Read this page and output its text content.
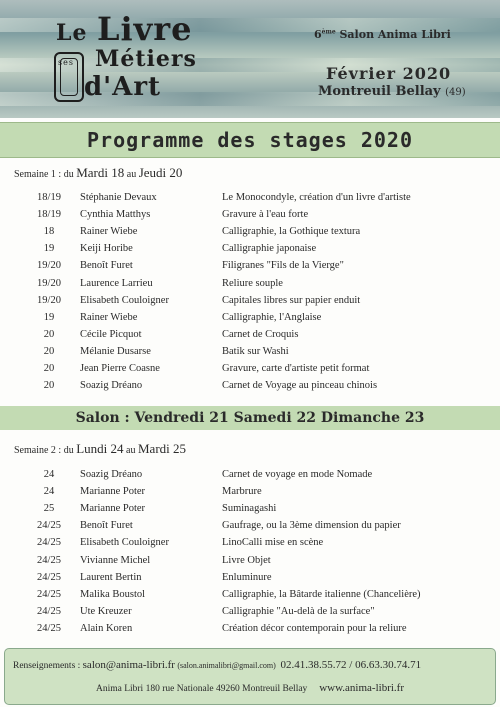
Le Livre
ses Métiers
d'Art
6ème Salon Anima Libri
Février 2020
Montreuil Bellay (49)
Programme des stages 2020
Semaine 1 : du Mardi 18 au Jeudi 20
18/19	Stéphanie Devaux	Le Monocondyle, création d'un livre d'artiste
18/19	Cynthia Matthys	Gravure à l'eau forte
18	Rainer Wiebe	Calligraphie, la Gothique textura
19	Keiji Horibe	Calligraphie japonaise
19/20	Benoît Furet	Filigranes "Fils de la Vierge"
19/20	Laurence Larrieu	Reliure souple
19/20	Elisabeth Couloigner	Capitales libres sur papier enduit
19	Rainer Wiebe	Calligraphie, l'Anglaise
20	Cécile Picquot	Carnet de Croquis
20	Mélanie Dusarse	Batik sur Washi
20	Jean Pierre Coasne	Gravure, carte d'artiste petit format
20	Soazig Dréano	Carnet de Voyage au pinceau chinois
Salon : Vendredi 21 Samedi 22 Dimanche 23
Semaine 2 : du Lundi 24 au Mardi 25
24	Soazig Dréano	Carnet de voyage en mode Nomade
24	Marianne Poter	Marbrure
25	Marianne Poter	Suminagashi
24/25	Benoît Furet	Gaufrage, ou la 3ème dimension du papier
24/25	Elisabeth Couloigner	LinoCalli mise en scène
24/25	Vivianne Michel	Livre Objet
24/25	Laurent Bertin	Enluminure
24/25	Malika Boustol	Calligraphie, la Bâtarde italienne (Chancelière)
24/25	Ute Kreuzer	Calligraphie "Au-delà de la surface"
24/25	Alain Koren	Création décor contemporain pour la reliure
Renseignements : salon@anima-libri.fr (salon.animalibri@gmail.com) 02.41.38.55.72 / 06.63.30.74.71
Anima Libri 180 rue Nationale 49260 Montreuil Bellay www.anima-libri.fr
